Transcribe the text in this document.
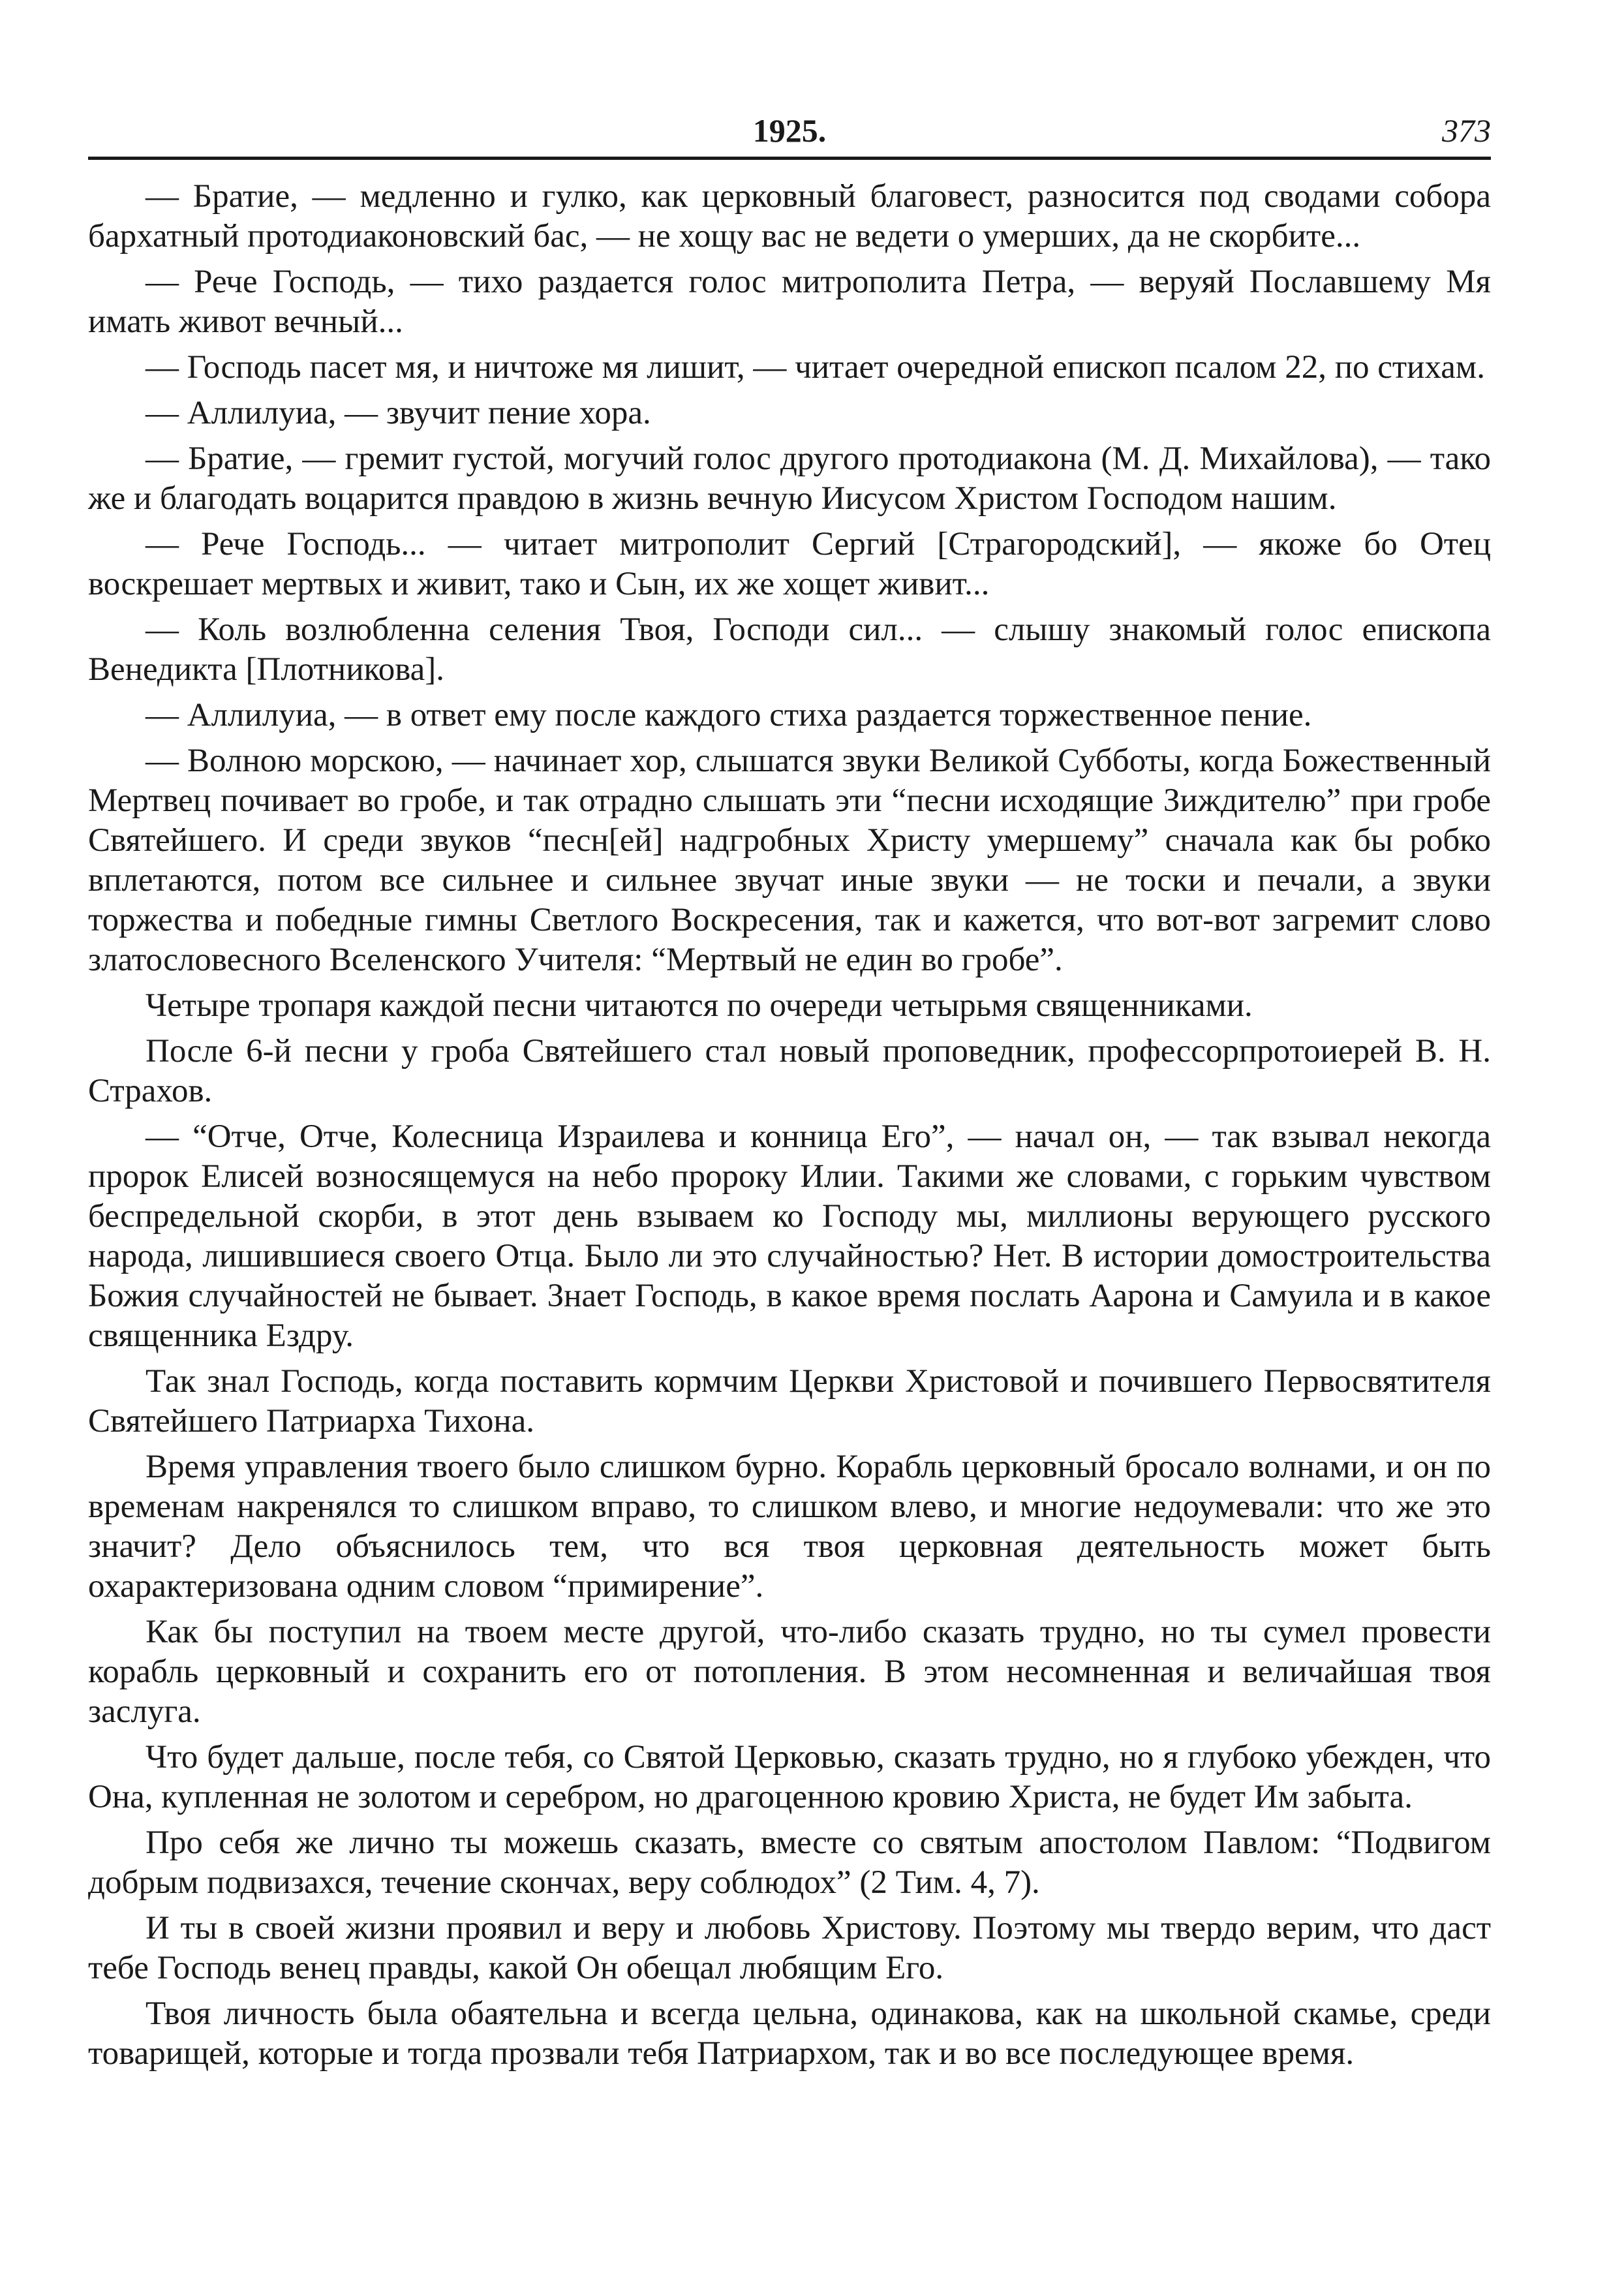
1925.	373

— Братие, — медленно и гулко, как церковный благовест, разносится под сводами собора бархатный протодиаконовский бас, — не хощу вас не ведети о умерших, да не скорбите...

— Рече Господь, — тихо раздается голос митрополита Петра, — веруяй Пославшему Мя имать живот вечный...

— Господь пасет мя, и ничтоже мя лишит, — читает очередной епископ псалом 22, по стихам.

— Аллилуиа, — звучит пение хора.

— Братие, — гремит густой, могучий голос другого протодиакона (М. Д. Михайлова), — тако же и благодать воцарится правдою в жизнь вечную Иисусом Христом Господом нашим.

— Рече Господь... — читает митрополит Сергий [Страгородский], — якоже бо Отец воскрешает мертвых и живит, тако и Сын, их же хощет живит...

— Коль возлюбленна селения Твоя, Господи сил... — слышу знакомый голос епископа Венедикта [Плотникова].

— Аллилуиа, — в ответ ему после каждого стиха раздается торжественное пение.

— Волною морскою, — начинает хор, слышатся звуки Великой Субботы, когда Божественный Мертвец почивает во гробе, и так отрадно слышать эти “песни исходящие Зиждителю” при гробе Святейшего. И среди звуков “песн[ей] надгробных Христу умершему” сначала как бы робко вплетаются, потом все сильнее и сильнее звучат иные звуки — не тоски и печали, а звуки торжества и победные гимны Светлого Воскресения, так и кажется, что вот-вот загремит слово златословесного Вселенского Учителя: “Мертвый не един во гробе”.

Четыре тропаря каждой песни читаются по очереди четырьмя священниками.

После 6-й песни у гроба Святейшего стал новый проповедник, профессорпротоиерей В. Н. Страхов.

— “Отче, Отче, Колесница Израилева и конница Его”, — начал он, — так взывал некогда пророк Елисей возносящемуся на небо пророку Илии. Такими же словами, с горьким чувством беспредельной скорби, в этот день взываем ко Господу мы, миллионы верующего русского народа, лишившиеся своего Отца. Было ли это случайностью? Нет. В истории домостроительства Божия случайностей не бывает. Знает Господь, в какое время послать Аарона и Самуила и в какое священника Ездру.

Так знал Господь, когда поставить кормчим Церкви Христовой и почившего Первосвятителя Святейшего Патриарха Тихона.

Время управления твоего было слишком бурно. Корабль церковный бросало волнами, и он по временам накренялся то слишком вправо, то слишком влево, и многие недоумевали: что же это значит? Дело объяснилось тем, что вся твоя церковная деятельность может быть охарактеризована одним словом “примирение”.

Как бы поступил на твоем месте другой, что-либо сказать трудно, но ты сумел провести корабль церковный и сохранить его от потопления. В этом несомненная и величайшая твоя заслуга.

Что будет дальше, после тебя, со Святой Церковью, сказать трудно, но я глубоко убежден, что Она, купленная не золотом и серебром, но драгоценною кровию Христа, не будет Им забыта.

Про себя же лично ты можешь сказать, вместе со святым апостолом Павлом: “Подвигом добрым подвизахся, течение скончах, веру соблюдох” (2 Тим. 4, 7).

И ты в своей жизни проявил и веру и любовь Христову. Поэтому мы твердо верим, что даст тебе Господь венец правды, какой Он обещал любящим Его.

Твоя личность была обаятельна и всегда цельна, одинакова, как на школьной скамье, среди товарищей, которые и тогда прозвали тебя Патриархом, так и во все последующее время.
